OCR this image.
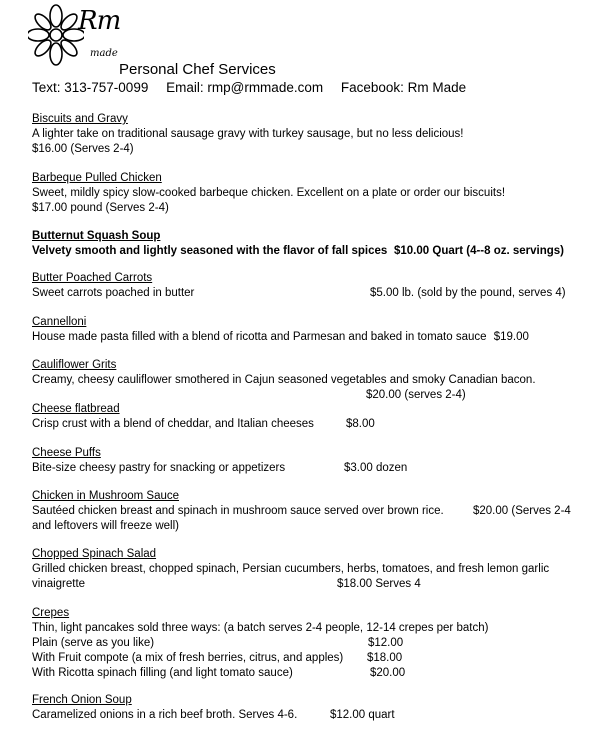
Rm
made
Personal Chef Services
Text: 313-757-0099 Email: rmp@rmmade.com Facebook: Rm Made
Biscuits and Gravy
A lighter take on traditional sausage gravy with turkey sausage, but no less delicious!
$16.00 (Serves 2-4)
Barbeque Pulled Chicken
Sweet, mildly spicy slow-cooked barbeque chicken. Excellent on a plate or order our biscuits!
$17.00 pound (Serves 2-4)
Butternut Squash Soup
Velvety smooth and lightly seasoned with the flavor of fall spices $10.00 Quart (4--8 oz. servings)
Butter Poached Carrots
Sweet carrots poached in butter	$5.00 lb. (sold by the pound, serves 4)
Cannelloni
House made pasta filled with a blend of ricotta and Parmesan and baked in tomato sauce $19.00
Cauliflower Grits
Creamy, cheesy cauliflower smothered in Cajun seasoned vegetables and smoky Canadian bacon.
$20.00 (serves 2-4)
Cheese flatbread
Crisp crust with a blend of cheddar, and Italian cheeses	$8.00
Cheese Puffs
Bite-size cheesy pastry for snacking or appetizers	$3.00 dozen
Chicken in Mushroom Sauce
Sautéed chicken breast and spinach in mushroom sauce served over brown rice.	$20.00 (Serves 2-4
and leftovers will freeze well)
Chopped Spinach Salad
Grilled chicken breast, chopped spinach, Persian cucumbers, herbs, tomatoes, and fresh lemon garlic
vinaigrette	$18.00 Serves 4
Crepes
Thin, light pancakes sold three ways: (a batch serves 2-4 people, 12-14 crepes per batch)
Plain (serve as you like)	$12.00
With Fruit compote (a mix of fresh berries, citrus, and apples)	$18.00
With Ricotta spinach filling (and light tomato sauce)	$20.00
French Onion Soup
Caramelized onions in a rich beef broth. Serves 4-6.	$12.00 quart
